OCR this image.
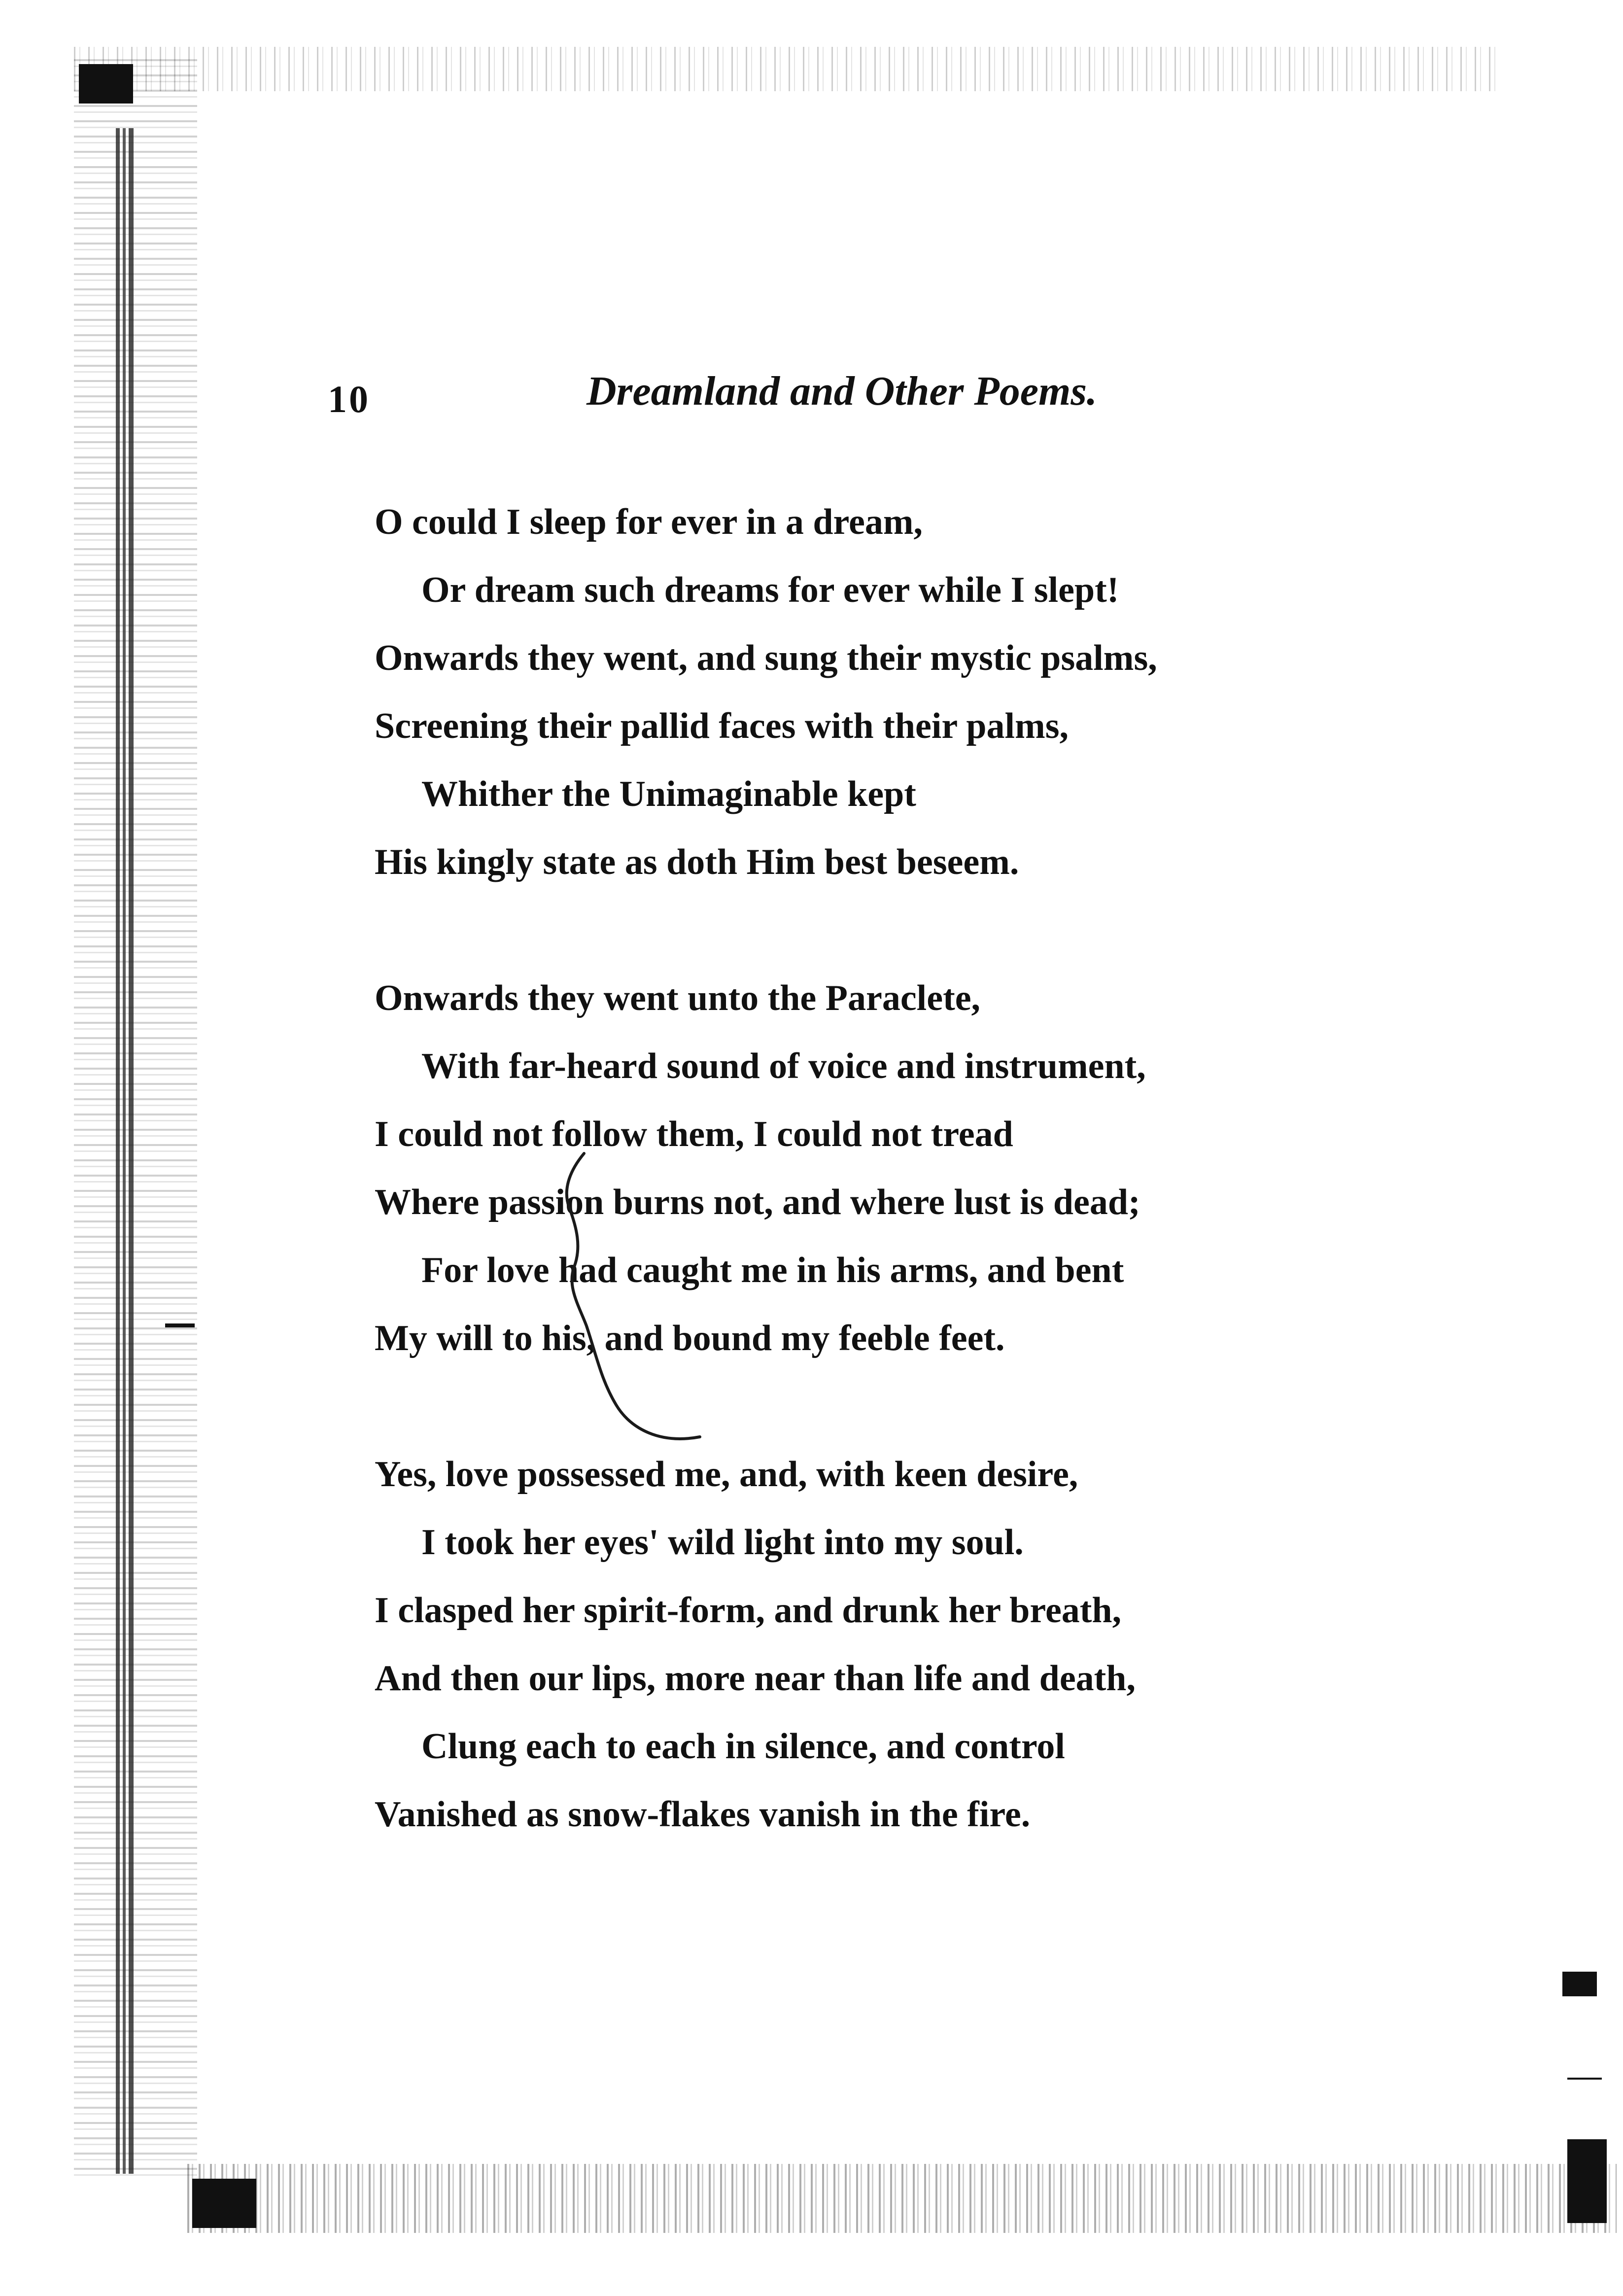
10	Dreamland and Other Poems.
O could I sleep for ever in a dream,
Or dream such dreams for ever while I slept!
Onwards they went, and sung their mystic psalms,
Screening their pallid faces with their palms,
Whither the Unimaginable kept
His kingly state as doth Him best beseem.
Onwards they went unto the Paraclete,
With far-heard sound of voice and instrument,
I could not follow them, I could not tread
Where passion burns not, and where lust is dead;
For love had caught me in his arms, and bent
My will to his, and bound my feeble feet.
Yes, love possessed me, and, with keen desire,
I took her eyes' wild light into my soul.
I clasped her spirit-form, and drunk her breath,
And then our lips, more near than life and death,
Clung each to each in silence, and control
Vanished as snow-flakes vanish in the fire.
